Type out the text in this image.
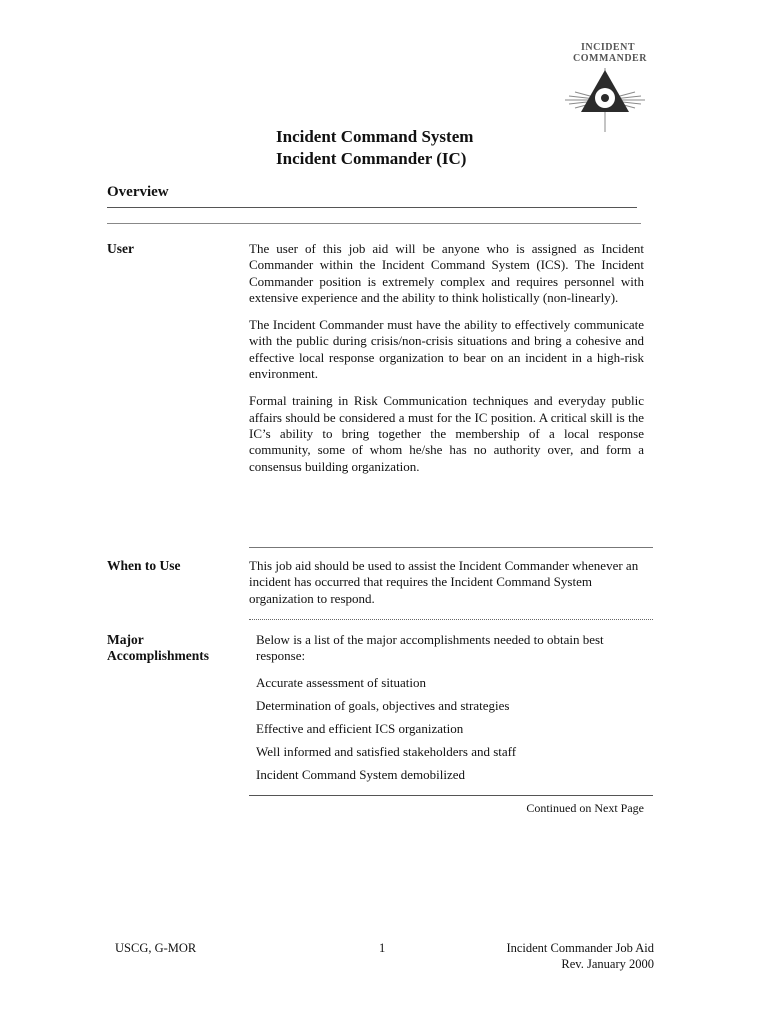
INCIDENT
COMMANDER
Incident Command System
Incident Commander (IC)
Overview
User	The user of this job aid will be anyone who is assigned as Incident Commander within the Incident Command System (ICS). The Incident Commander position is extremely complex and requires personnel with extensive experience and the ability to think holistically (non-linearly).
The Incident Commander must have the ability to effectively communicate with the public during crisis/non-crisis situations and bring a cohesive and effective local response organization to bear on an incident in a high-risk environment.
Formal training in Risk Communication techniques and everyday public affairs should be considered a must for the IC position. A critical skill is the IC’s ability to bring together the membership of a local response community, some of whom he/she has no authority over, and form a consensus building organization.
When to Use	This job aid should be used to assist the Incident Commander whenever an incident has occurred that requires the Incident Command System organization to respond.
Major
Accomplishments
Below is a list of the major accomplishments needed to obtain best response:
Accurate assessment of situation
Determination of goals, objectives and strategies
Effective and efficient ICS organization
Well informed and satisfied stakeholders and staff
Incident Command System demobilized
Continued on Next Page
USCG, G-MOR	1	Incident Commander Job Aid
Rev. January 2000
